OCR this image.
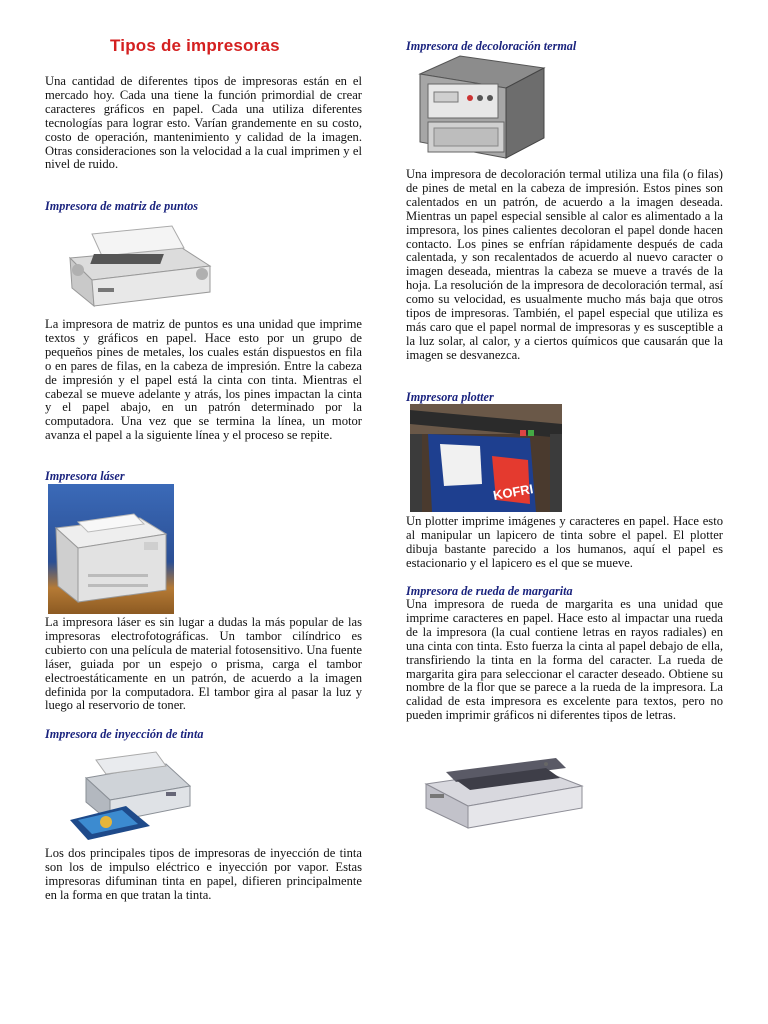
Tipos de impresoras

Una cantidad de diferentes tipos de impresoras están en el mercado hoy. Cada una tiene la función primordial de crear caracteres gráficos en papel. Cada una utiliza diferentes tecnologías para lograr esto. Varían grandemente en su costo, costo de operación, mantenimiento y calidad de la imagen. Otras consideraciones son la velocidad a la cual imprimen y el nivel de ruido.

Impresora de matriz de puntos

La impresora de matriz de puntos es una unidad que imprime textos y gráficos en papel. Hace esto por un grupo de pequeños pines de metales, los cuales están dispuestos en fila o en pares de filas, en la cabeza de impresión. Entre la cabeza de impresión y el papel está la cinta con tinta. Mientras el cabezal se mueve adelante y atrás, los pines impactan la cinta y el papel abajo, en un patrón determinado por la computadora. Una vez que se termina la línea, un motor avanza el papel a la siguiente línea y el proceso se repite.

Impresora láser

La impresora láser es sin lugar a dudas la más popular de las impresoras electrofotográficas. Un tambor cilíndrico es cubierto con una película de material fotosensitivo. Una fuente láser, guiada por un espejo o prisma, carga el tambor electroestáticamente en un patrón, de acuerdo a la imagen definida por la computadora. El tambor gira al pasar la luz y luego al reservorio de toner.

Impresora de inyección de tinta

Los dos principales tipos de impresoras de inyección de tinta son los de impulso eléctrico e inyección por vapor. Estas impresoras difuminan tinta en papel, difieren principalmente en la forma en que tratan la tinta.

Impresora de decoloración termal

Una impresora de decoloración termal utiliza una fila (o filas) de pines de metal en la cabeza de impresión. Estos pines son calentados en un patrón, de acuerdo a la imagen deseada. Mientras un papel especial sensible al calor es alimentado a la impresora, los pines calientes decoloran el papel donde hacen contacto. Los pines se enfrían rápidamente después de cada calentada, y son recalentados de acuerdo al nuevo caracter o imagen deseada, mientras la cabeza se mueve a través de la hoja. La resolución de la impresora de decoloración termal, así como su velocidad, es usualmente mucho más baja que otros tipos de impresoras. También, el papel especial que utiliza es más caro que el papel normal de impresoras y es susceptible a la luz solar, al calor, y a ciertos químicos que causarán que la imagen se desvanezca.

Impresora plotter
KOFRI

Un plotter imprime imágenes y caracteres en papel. Hace esto al manipular un lapicero de tinta sobre el papel. El plotter dibuja bastante parecido a los humanos, aquí el papel es estacionario y el lapicero es el que se mueve.

Impresora de rueda de margarita

Una impresora de rueda de margarita es una unidad que imprime caracteres en papel. Hace esto al impactar una rueda de la impresora (la cual contiene letras en rayos radiales) en una cinta con tinta. Esto fuerza la cinta al papel debajo de ella, transfiriendo la tinta en la forma del caracter. La rueda de margarita gira para seleccionar el caracter deseado. Obtiene su nombre de la flor que se parece a la rueda de la impresora. La calidad de esta impresora es excelente para textos, pero no pueden imprimir gráficos ni diferentes tipos de letras.
